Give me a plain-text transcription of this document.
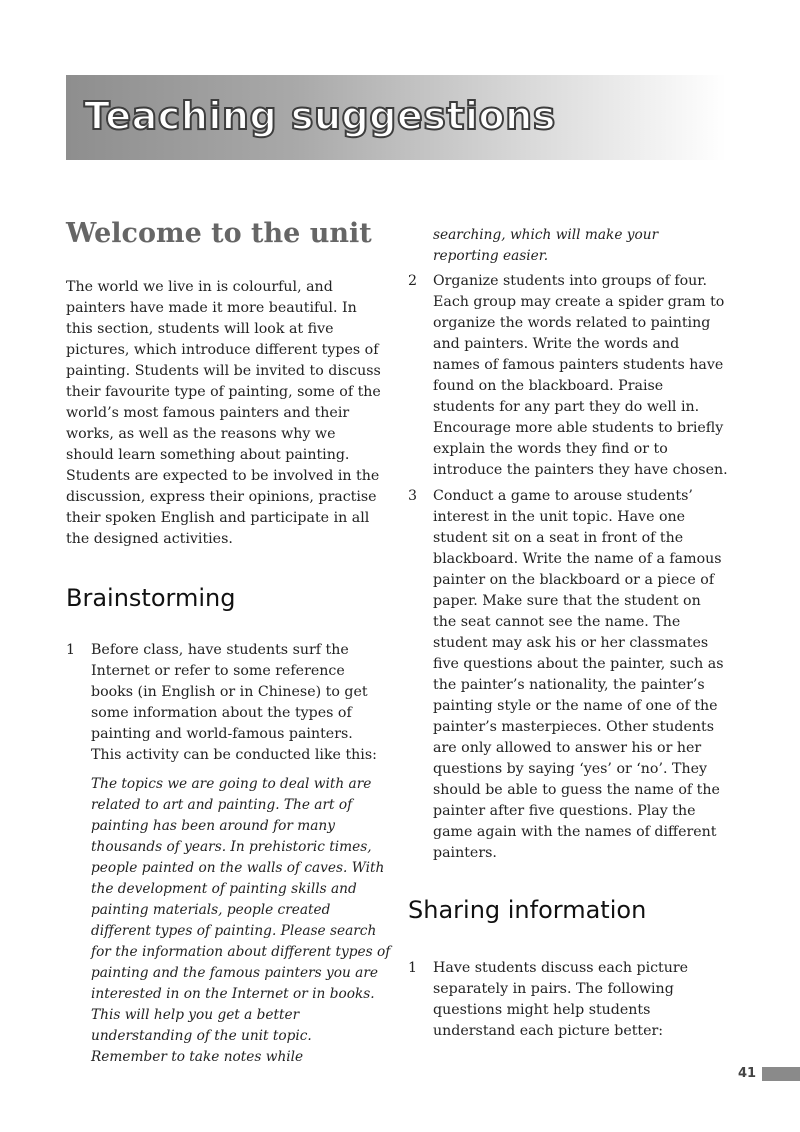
Teaching suggestions
Welcome to the unit

The world we live in is colourful, and painters have made it more beautiful. In this section, students will look at five pictures, which introduce different types of painting. Students will be invited to discuss their favourite type of painting, some of the world’s most famous painters and their works, as well as the reasons why we should learn something about painting. Students are expected to be involved in the discussion, express their opinions, practise their spoken English and participate in all the designed activities.

Brainstorming
1 Before class, have students surf the Internet or refer to some reference books (in English or in Chinese) to get some information about the types of painting and world-famous painters. This activity can be conducted like this:

The topics we are going to deal with are related to art and painting. The art of painting has been around for many thousands of years. In prehistoric times, people painted on the walls of caves. With the development of painting skills and painting materials, people created different types of painting. Please search for the information about different types of painting and the famous painters you are interested in on the Internet or in books. This will help you get a better understanding of the unit topic. Remember to take notes while

searching, which will make your reporting easier.

2 Organize students into groups of four. Each group may create a spider gram to organize the words related to painting and painters. Write the words and names of famous painters students have found on the blackboard. Praise students for any part they do well in. Encourage more able students to briefly explain the words they find or to introduce the painters they have chosen.

3 Conduct a game to arouse students’ interest in the unit topic. Have one student sit on a seat in front of the blackboard. Write the name of a famous painter on the blackboard or a piece of paper. Make sure that the student on the seat cannot see the name. The student may ask his or her classmates five questions about the painter, such as the painter’s nationality, the painter’s painting style or the name of one of the painter’s masterpieces. Other students are only allowed to answer his or her questions by saying ‘yes’ or ‘no’. They should be able to guess the name of the painter after five questions. Play the game again with the names of different painters.

Sharing information
1 Have students discuss each picture separately in pairs. The following questions might help students understand each picture better:

41
